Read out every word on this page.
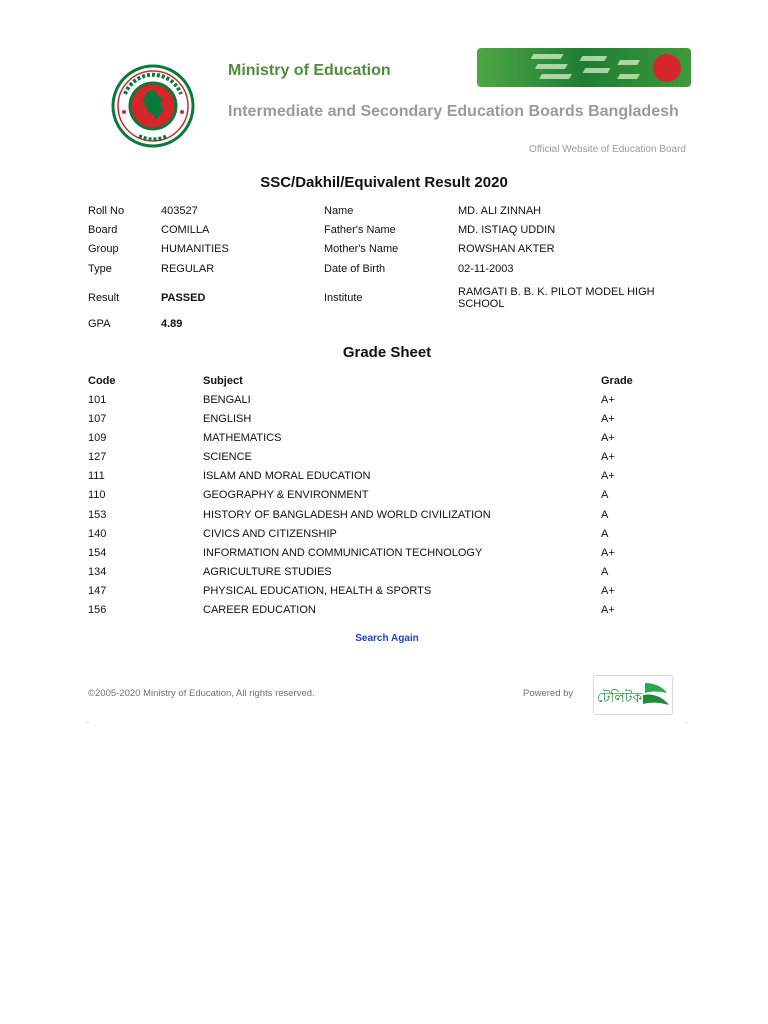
Ministry of Education
Intermediate and Secondary Education Boards Bangladesh
Official Website of Education Board
SSC/Dakhil/Equivalent Result 2020
Roll No	403527	Name	MD. ALI ZINNAH
Board	COMILLA	Father's Name	MD. ISTIAQ UDDIN
Group	HUMANITIES	Mother's Name	ROWSHAN AKTER
Type	REGULAR	Date of Birth	02-11-2003
Result	PASSED	Institute	RAMGATI B. B. K. PILOT MODEL HIGH SCHOOL
GPA	4.89
Grade Sheet
Code	Subject	Grade
101	BENGALI	A+
107	ENGLISH	A+
109	MATHEMATICS	A+
127	SCIENCE	A+
111	ISLAM AND MORAL EDUCATION	A+
110	GEOGRAPHY & ENVIRONMENT	A
153	HISTORY OF BANGLADESH AND WORLD CIVILIZATION	A
140	CIVICS AND CITIZENSHIP	A
154	INFORMATION AND COMMUNICATION TECHNOLOGY	A+
134	AGRICULTURE STUDIES	A
147	PHYSICAL EDUCATION, HEALTH & SPORTS	A+
156	CAREER EDUCATION	A+
Search Again
©2005-2020 Ministry of Education, All rights reserved.	Powered by টেলিটক
